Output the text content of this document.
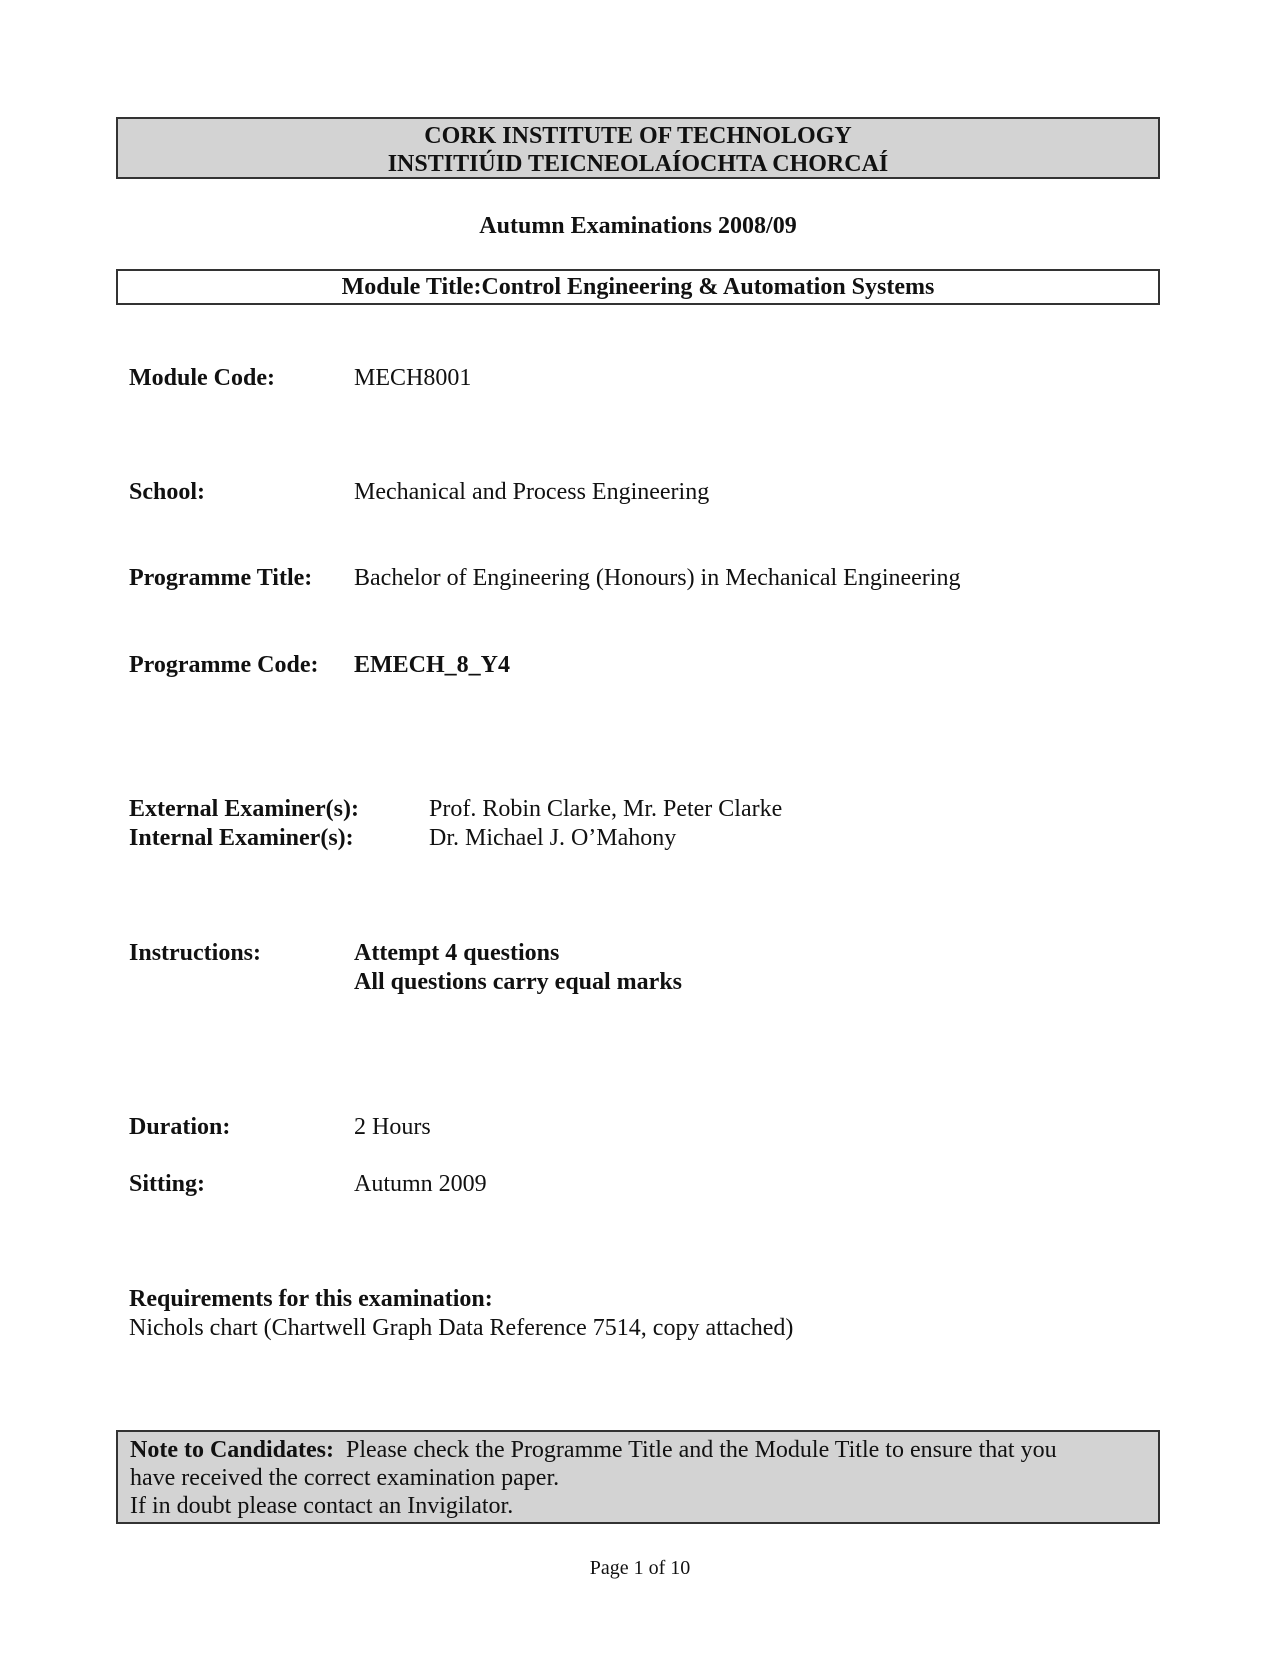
CORK INSTITUTE OF TECHNOLOGY
INSTITIÚID TEICNEOLAÍOCHTA CHORCAÍ
Autumn Examinations 2008/09
Module Title:Control Engineering & Automation Systems
Module Code:	MECH8001
School:	Mechanical and Process Engineering
Programme Title: Bachelor of Engineering (Honours) in Mechanical Engineering
Programme Code: EMECH_8_Y4
External Examiner(s):	Prof. Robin Clarke, Mr. Peter Clarke
Internal Examiner(s):	Dr. Michael J. O’Mahony
Instructions:	Attempt 4 questions
All questions carry equal marks
Duration:	2 Hours
Sitting:	Autumn 2009
Requirements for this examination:
Nichols chart (Chartwell Graph Data Reference 7514, copy attached)
Note to Candidates: Please check the Programme Title and the Module Title to ensure that you
have received the correct examination paper.
If in doubt please contact an Invigilator.
Page 1 of 10
